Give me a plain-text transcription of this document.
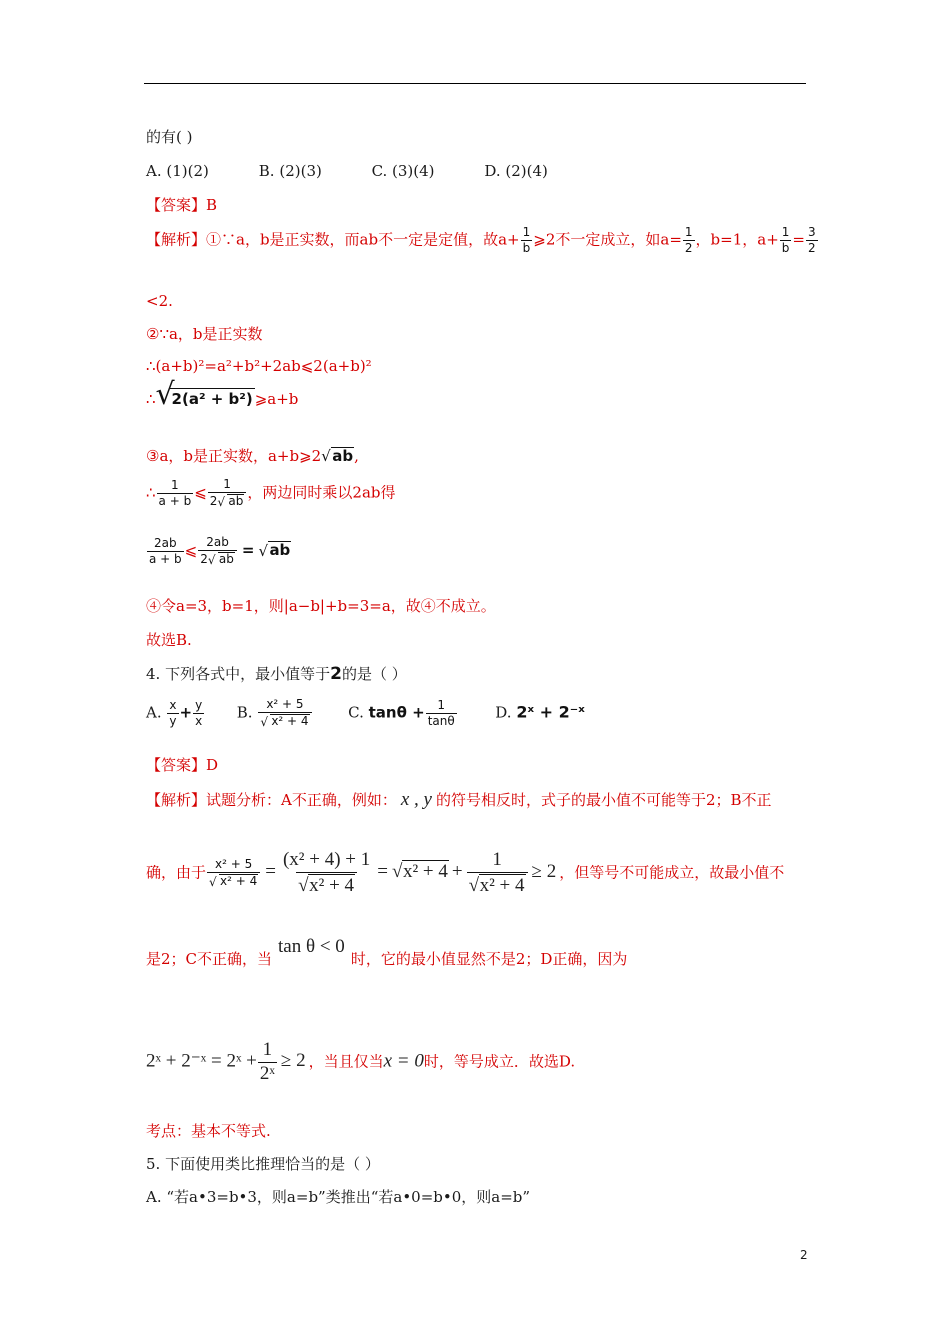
的有( )
A. (1)(2)	B. (2)(3)	C. (3)(4)	D. (2)(4)
【答案】B
【解析】①∵a，b是正实数，而ab不一定是定值，故$a+ \frac{1}{b}$ ⩾2不一定成立，如$a= \frac{1}{2}$ ，b=1，$a+ \frac{1}{b} = \frac{3}{2}$
<2.
②∵a，b是正实数
∴(a+b)²=a²+b²+2ab⩽2(a+b)²
∴ √ 2(a² + b²) ⩾a+b
③a，b是正实数，a+b⩾2 √ ab,
∴ $\frac{1}{a + b}$ ⩽ $\frac{1}{2 √ ab}$ ，两边同时乘以2ab得
$\frac{2ab}{a + b}$ ⩽ $\frac{2ab}{2 √ ab}$ = √ ab
④令a=3，b=1，则|a−b|+b=3=a，故④不成立。
故选B.
4. 下列各式中，最小值等于2的是（ ）
A. $\frac{x}{y} + \frac{y}{x} B$. x² + 5
√ x² + 4 C. $\tan\theta + \frac{1}{\tan\theta}$	D. 2ˣ + 2⁻ˣ
【答案】D
【解析】试题分析：A不正确，例如： x , y 的符号相反时，式子的最小值不可能等于2；B不正
确，由于 x² + 5
√ x² + 4 = (x² + 4) + 1
√ x² + 4 = √ x² + 4 + 1
√ x² + 4 ≥ 2 ，但等号不可能成立，故最小值不
是2；C不正确，当tan θ < 0时，它的最小值显然不是2；D正确，因为
2ˣ + 2⁻ˣ = 2ˣ + $\frac{1}{\text{2ˣ}} \ge 2$ ，当且仅当x = 0时，等号成立．故选D.
考点：基本不等式.
5. 下面使用类比推理恰当的是（ ）
A. “若a•3=b•3，则a=b”类推出“若a•0=b•0，则a=b”
2
